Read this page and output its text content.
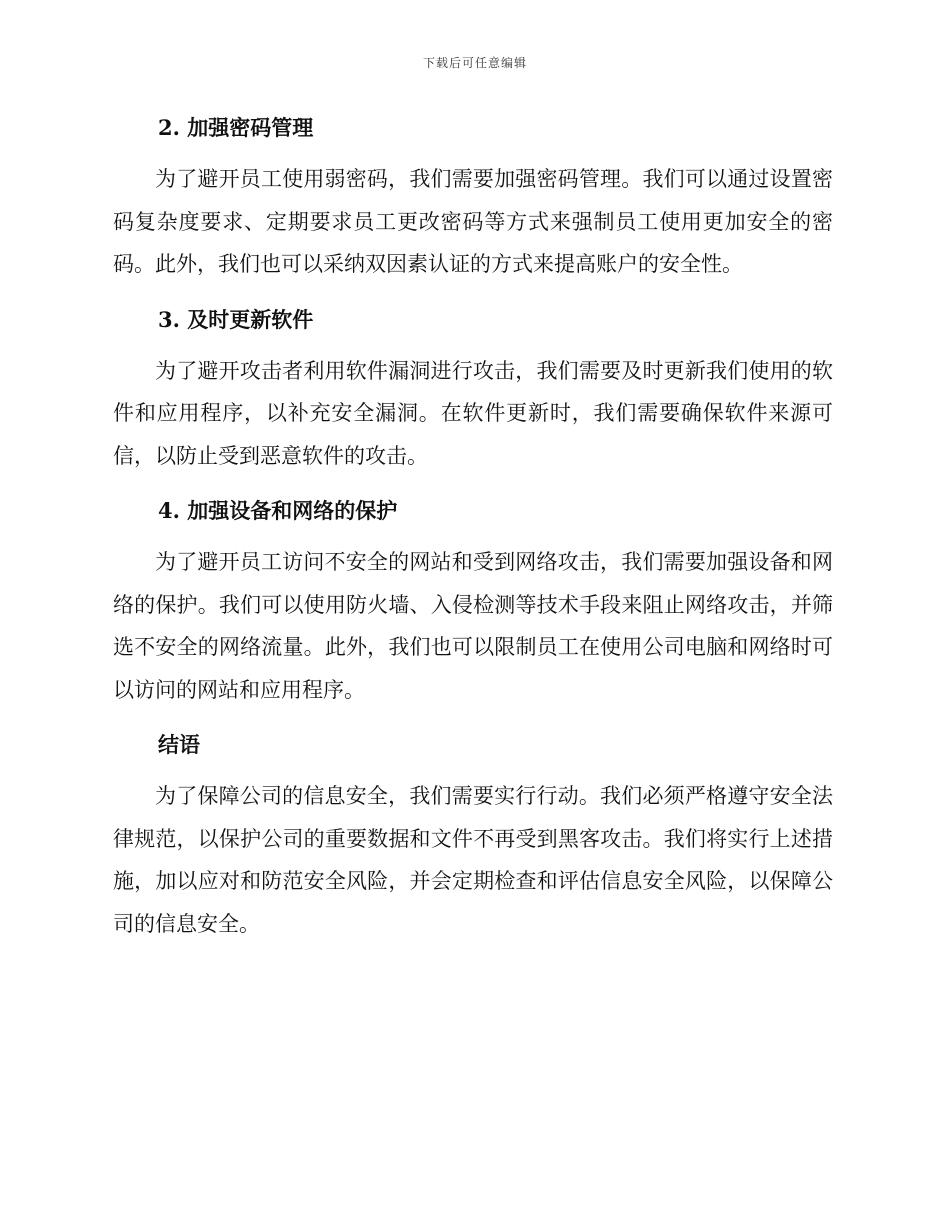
下载后可任意编辑
2. 加强密码管理

为了避开员工使用弱密码，我们需要加强密码管理。我们可以通过设置密码复杂度要求、定期要求员工更改密码等方式来强制员工使用更加安全的密码。此外，我们也可以采纳双因素认证的方式来提高账户的安全性。

3. 及时更新软件

为了避开攻击者利用软件漏洞进行攻击，我们需要及时更新我们使用的软件和应用程序，以补充安全漏洞。在软件更新时，我们需要确保软件来源可信，以防止受到恶意软件的攻击。

4. 加强设备和网络的保护

为了避开员工访问不安全的网站和受到网络攻击，我们需要加强设备和网络的保护。我们可以使用防火墙、入侵检测等技术手段来阻止网络攻击，并筛选不安全的网络流量。此外，我们也可以限制员工在使用公司电脑和网络时可以访问的网站和应用程序。

结语

为了保障公司的信息安全，我们需要实行行动。我们必须严格遵守安全法律规范，以保护公司的重要数据和文件不再受到黑客攻击。我们将实行上述措施，加以应对和防范安全风险，并会定期检查和评估信息安全风险，以保障公司的信息安全。
